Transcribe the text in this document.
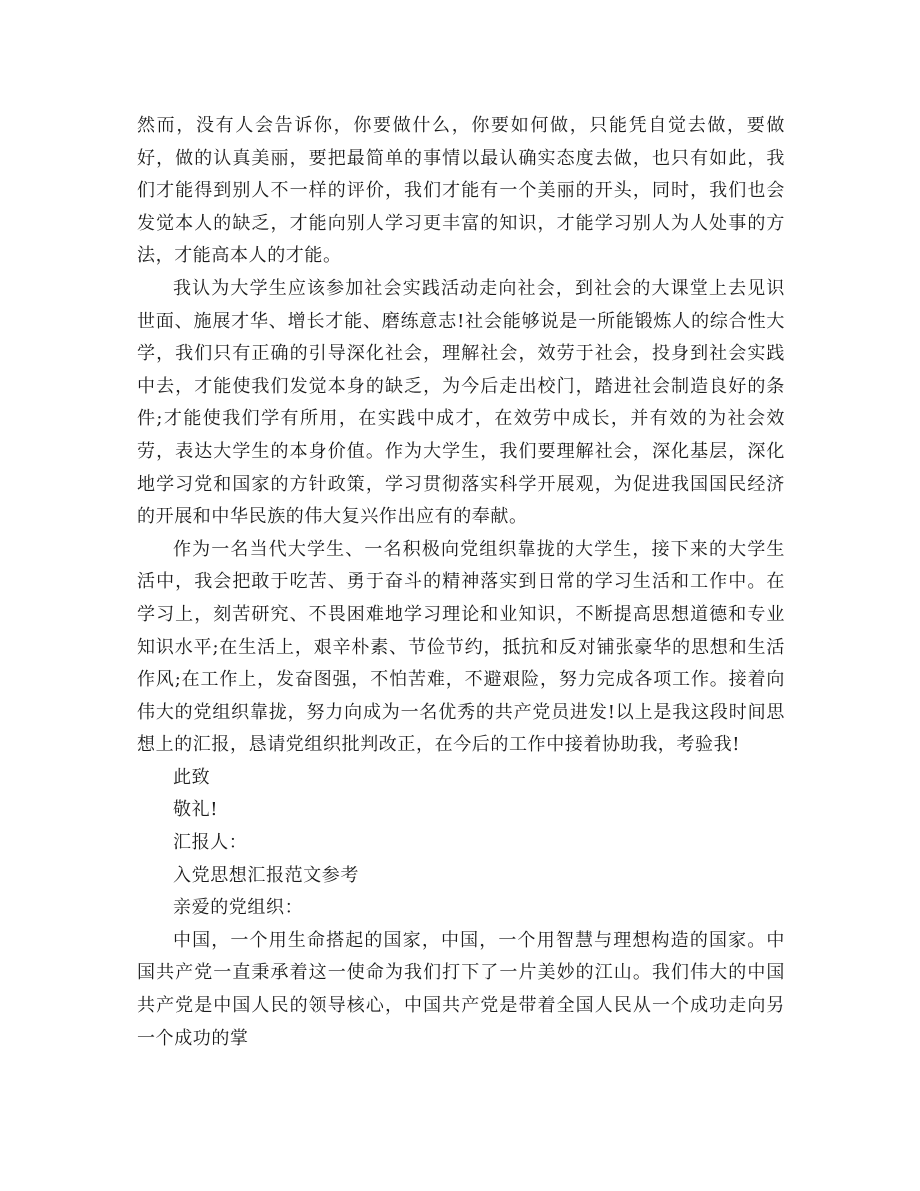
然而，没有人会告诉你，你要做什么，你要如何做，只能凭自觉去做，要做好，做的认真美丽，要把最简单的事情以最认确实态度去做，也只有如此，我们才能得到别人不一样的评价，我们才能有一个美丽的开头，同时，我们也会发觉本人的缺乏，才能向别人学习更丰富的知识，才能学习别人为人处事的方法，才能高本人的才能。

我认为大学生应该参加社会实践活动走向社会，到社会的大课堂上去见识世面、施展才华、增长才能、磨练意志!社会能够说是一所能锻炼人的综合性大学，我们只有正确的引导深化社会，理解社会，效劳于社会，投身到社会实践中去，才能使我们发觉本身的缺乏，为今后走出校门，踏进社会制造良好的条件;才能使我们学有所用，在实践中成才，在效劳中成长，并有效的为社会效劳，表达大学生的本身价值。作为大学生，我们要理解社会，深化基层，深化地学习党和国家的方针政策，学习贯彻落实科学开展观，为促进我国国民经济的开展和中华民族的伟大复兴作出应有的奉献。

作为一名当代大学生、一名积极向党组织靠拢的大学生，接下来的大学生活中，我会把敢于吃苦、勇于奋斗的精神落实到日常的学习生活和工作中。在学习上，刻苦研究、不畏困难地学习理论和业知识，不断提高思想道德和专业知识水平;在生活上，艰辛朴素、节俭节约，抵抗和反对铺张豪华的思想和生活作风;在工作上，发奋图强，不怕苦难，不避艰险，努力完成各项工作。接着向伟大的党组织靠拢，努力向成为一名优秀的共产党员进发!以上是我这段时间思想上的汇报，恳请党组织批判改正，在今后的工作中接着协助我，考验我!

此致

敬礼!

汇报人：

入党思想汇报范文参考

亲爱的党组织：

中国，一个用生命搭起的国家，中国，一个用智慧与理想构造的国家。中国共产党一直秉承着这一使命为我们打下了一片美妙的江山。我们伟大的中国共产党是中国人民的领导核心，中国共产党是带着全国人民从一个成功走向另一个成功的掌
